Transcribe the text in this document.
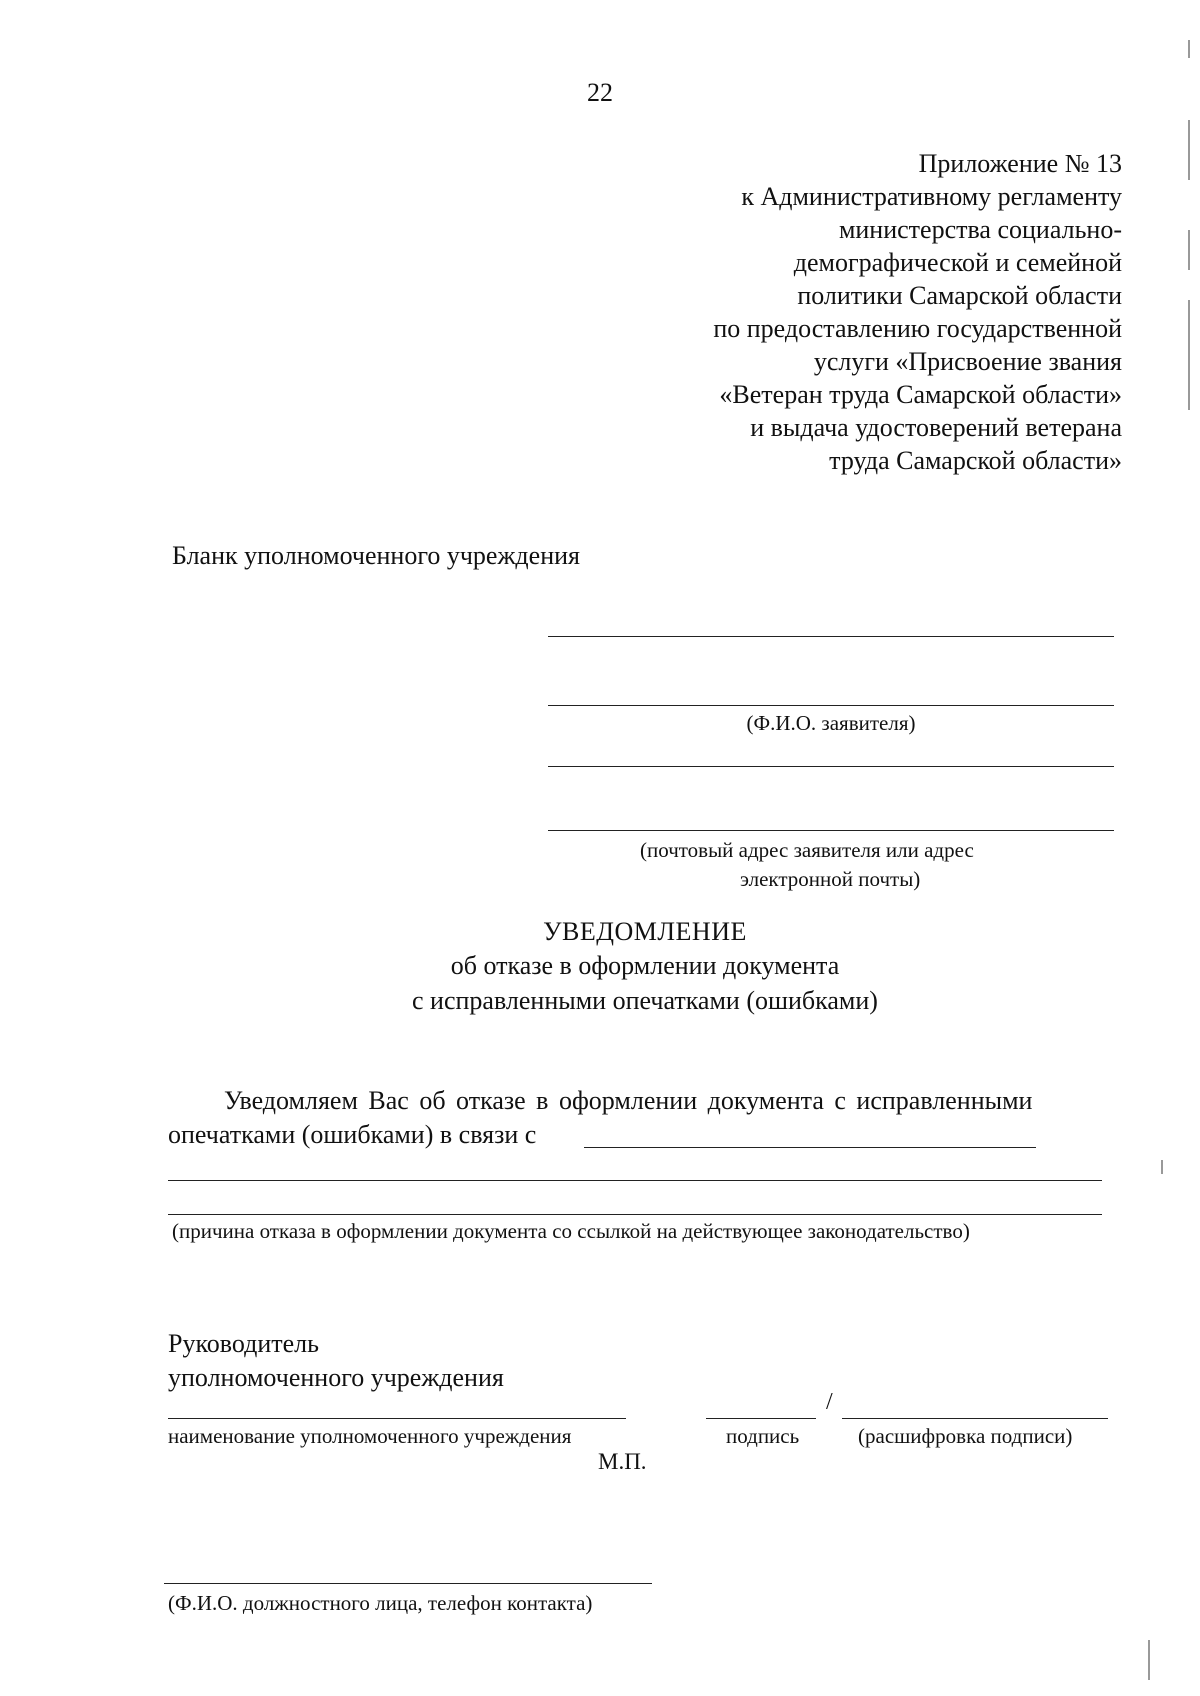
22
Приложение № 13
к Административному регламенту
министерства социально-
демографической и семейной
политики Самарской области
по предоставлению государственной
услуги «Присвоение звания
«Ветеран труда Самарской области»
и выдача удостоверений ветерана
труда Самарской области»
Бланк уполномоченного учреждения
(Ф.И.О. заявителя)
(почтовый адрес заявителя или адрес
электронной почты)
УВЕДОМЛЕНИЕ
об отказе в оформлении документа
с исправленными опечатками (ошибками)
Уведомляем Вас об отказе в оформлении документа с исправленными
опечатками (ошибками) в связи с
(причина отказа в оформлении документа со ссылкой на действующее законодательство)
Руководитель
уполномоченного учреждения
/
наименование уполномоченного учреждения	подпись	(расшифровка подписи)
М.П.
(Ф.И.О. должностного лица, телефон контакта)
